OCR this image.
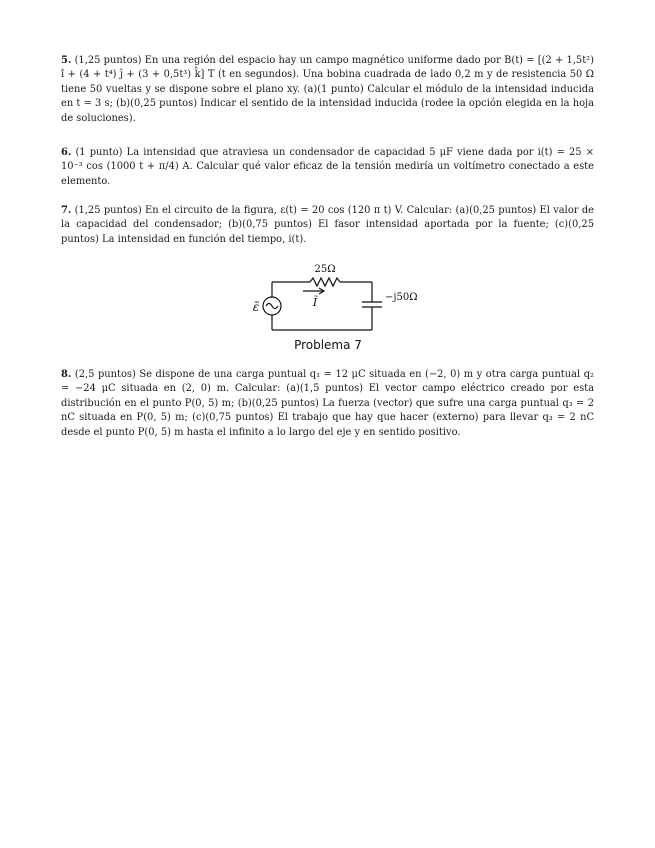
5. (1,25 puntos) En una región del espacio hay un campo magnético uniforme dado por B(t) = [(2 + 1,5t²) î + (4 + t⁴) ĵ + (3 + 0,5t³) k̂] T (t en segundos). Una bobina cuadrada de lado 0,2 m y de resistencia 50 Ω tiene 50 vueltas y se dispone sobre el plano xy. (a)(1 punto) Calcular el módulo de la intensidad inducida en t = 3 s; (b)(0,25 puntos) Indicar el sentido de la intensidad inducida (rodee la opción elegida en la hoja de soluciones).
6. (1 punto) La intensidad que atraviesa un condensador de capacidad 5 μF viene dada por i(t) = 25 × 10⁻³ cos (1000 t + π/4) A. Calcular qué valor eficaz de la tensión mediría un voltímetro conectado a este elemento.
7. (1,25 puntos) En el circuito de la figura, ε(t) = 20 cos (120 π t) V. Calcular: (a)(0,25 puntos) El valor de la capacidad del condensador; (b)(0,75 puntos) El fasor intensidad aportada por la fuente; (c)(0,25 puntos) La intensidad en función del tiempo, i(t).
25Ω
Ĩ	−j50Ω
ε̃
Problema 7
8. (2,5 puntos) Se dispone de una carga puntual q₁ = 12 μC situada en (−2, 0) m y otra carga puntual q₂ = −24 μC situada en (2, 0) m. Calcular: (a)(1,5 puntos) El vector campo eléctrico creado por esta distribución en el punto P(0, 5) m; (b)(0,25 puntos) La fuerza (vector) que sufre una carga puntual q₃ = 2 nC situada en P(0, 5) m; (c)(0,75 puntos) El trabajo que hay que hacer (externo) para llevar q₃ = 2 nC desde el punto P(0, 5) m hasta el infinito a lo largo del eje y en sentido positivo.
